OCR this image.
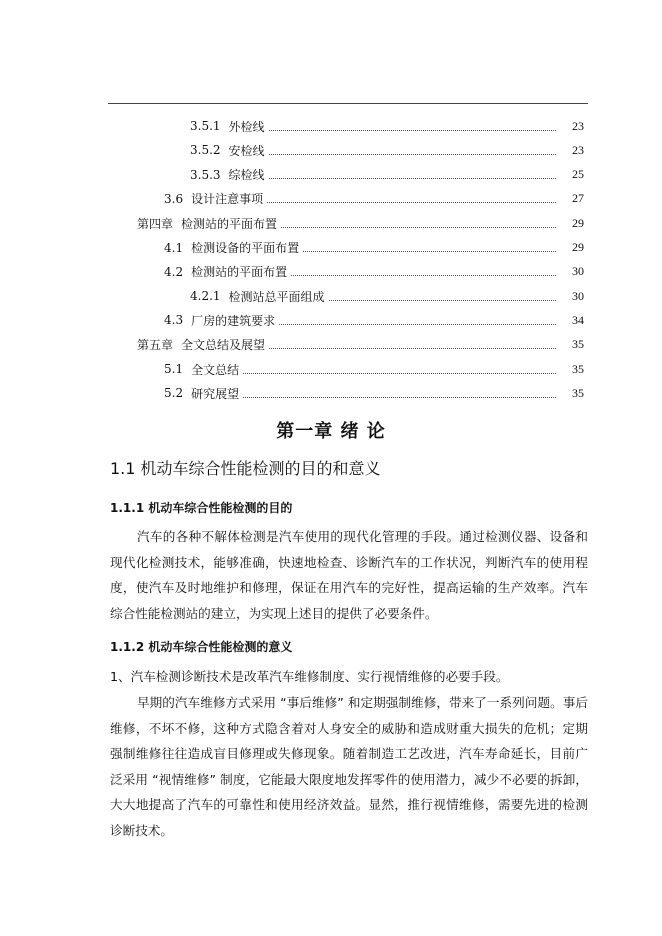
3.5.1 外检线	23
3.5.2 安检线	23
3.5.3 综检线	25
3.6 设计注意事项	27
第四章 检测站的平面布置	29
4.1 检测设备的平面布置	29
4.2 检测站的平面布置	30
4.2.1 检测站总平面组成	30
4.3 厂房的建筑要求	34
第五章 全文总结及展望	35
5.1 全文总结	35
5.2 研究展望	35
第一章 绪 论
1.1 机动车综合性能检测的目的和意义
1.1.1 机动车综合性能检测的目的
汽车的各种不解体检测是汽车使用的现代化管理的手段。通过检测仪器、设备和现代化检测技术，能够准确，快速地检查、诊断汽车的工作状况，判断汽车的使用程度，使汽车及时地维护和修理，保证在用汽车的完好性，提高运输的生产效率。汽车综合性能检测站的建立，为实现上述目的提供了必要条件。
1.1.2 机动车综合性能检测的意义
1、汽车检测诊断技术是改革汽车维修制度、实行视情维修的必要手段。
早期的汽车维修方式采用 “事后维修” 和定期强制维修，带来了一系列问题。事后维修，不坏不修，这种方式隐含着对人身安全的威胁和造成财重大损失的危机；定期强制维修往往造成盲目修理或失修现象。随着制造工艺改进，汽车寿命延长，目前广泛采用 “视情维修” 制度，它能最大限度地发挥零件的使用潜力，减少不必要的拆卸，大大地提高了汽车的可靠性和使用经济效益。显然，推行视情维修，需要先进的检测诊断技术。
